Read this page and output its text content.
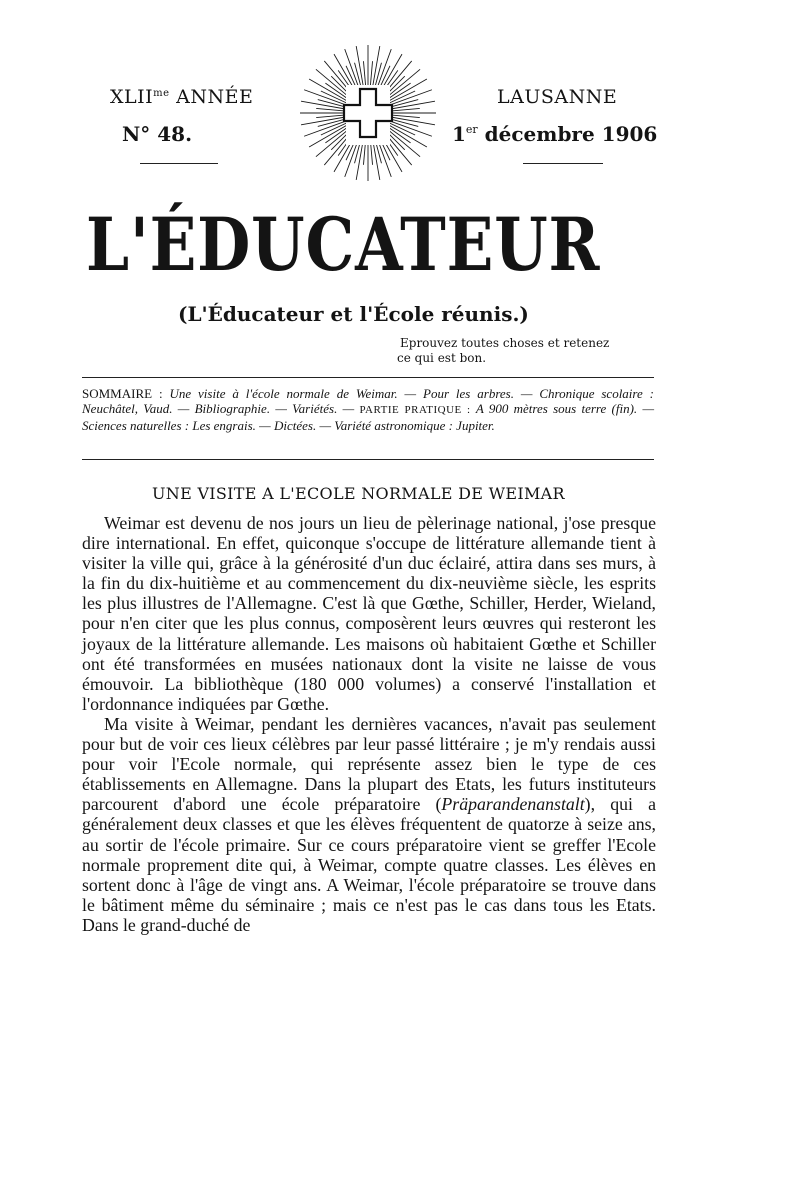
$XLII^{me}$ ANNÉE
N° 48.
LAUSANNE
1er décembre 1906
L'ÉDUCATEUR
(L'Éducateur et l'École réunis.)
Eprouvez toutes choses et retenez
ce qui est bon.
SOMMAIRE : Une visite à l'école normale de Weimar. — Pour les arbres. — Chronique scolaire : Neuchâtel, Vaud. — Bibliographie. — Variétés. — PARTIE PRATIQUE : A 900 mètres sous terre (fin). — Sciences naturelles : Les engrais. — Dictées. — Variété astronomique : Jupiter.
UNE VISITE A L'ECOLE NORMALE DE WEIMAR

Weimar est devenu de nos jours un lieu de pèlerinage national, j'ose presque dire international. En effet, quiconque s'occupe de littérature allemande tient à visiter la ville qui, grâce à la générosité d'un duc éclairé, attira dans ses murs, à la fin du dix-huitième et au commencement du dix-neuvième siècle, les esprits les plus illustres de l'Allemagne. C'est là que Gœthe, Schiller, Herder, Wieland, pour n'en citer que les plus connus, composèrent leurs œuvres qui resteront les joyaux de la littérature allemande. Les maisons où habitaient Gœthe et Schiller ont été transformées en musées nationaux dont la visite ne laisse de vous émouvoir. La bibliothèque (180 000 volumes) a conservé l'installation et l'ordonnance indiquées par Gœthe.

Ma visite à Weimar, pendant les dernières vacances, n'avait pas seulement pour but de voir ces lieux célèbres par leur passé littéraire ; je m'y rendais aussi pour voir l'Ecole normale, qui représente assez bien le type de ces établissements en Allemagne. Dans la plupart des Etats, les futurs instituteurs parcourent d'abord une école préparatoire (Präparandenanstalt), qui a généralement deux classes et que les élèves fréquentent de quatorze à seize ans, au sortir de l'école primaire. Sur ce cours préparatoire vient se greffer l'Ecole normale proprement dite qui, à Weimar, compte quatre classes. Les élèves en sortent donc à l'âge de vingt ans. A Weimar, l'école préparatoire se trouve dans le bâtiment même du séminaire ; mais ce n'est pas le cas dans tous les Etats. Dans le grand-duché de
